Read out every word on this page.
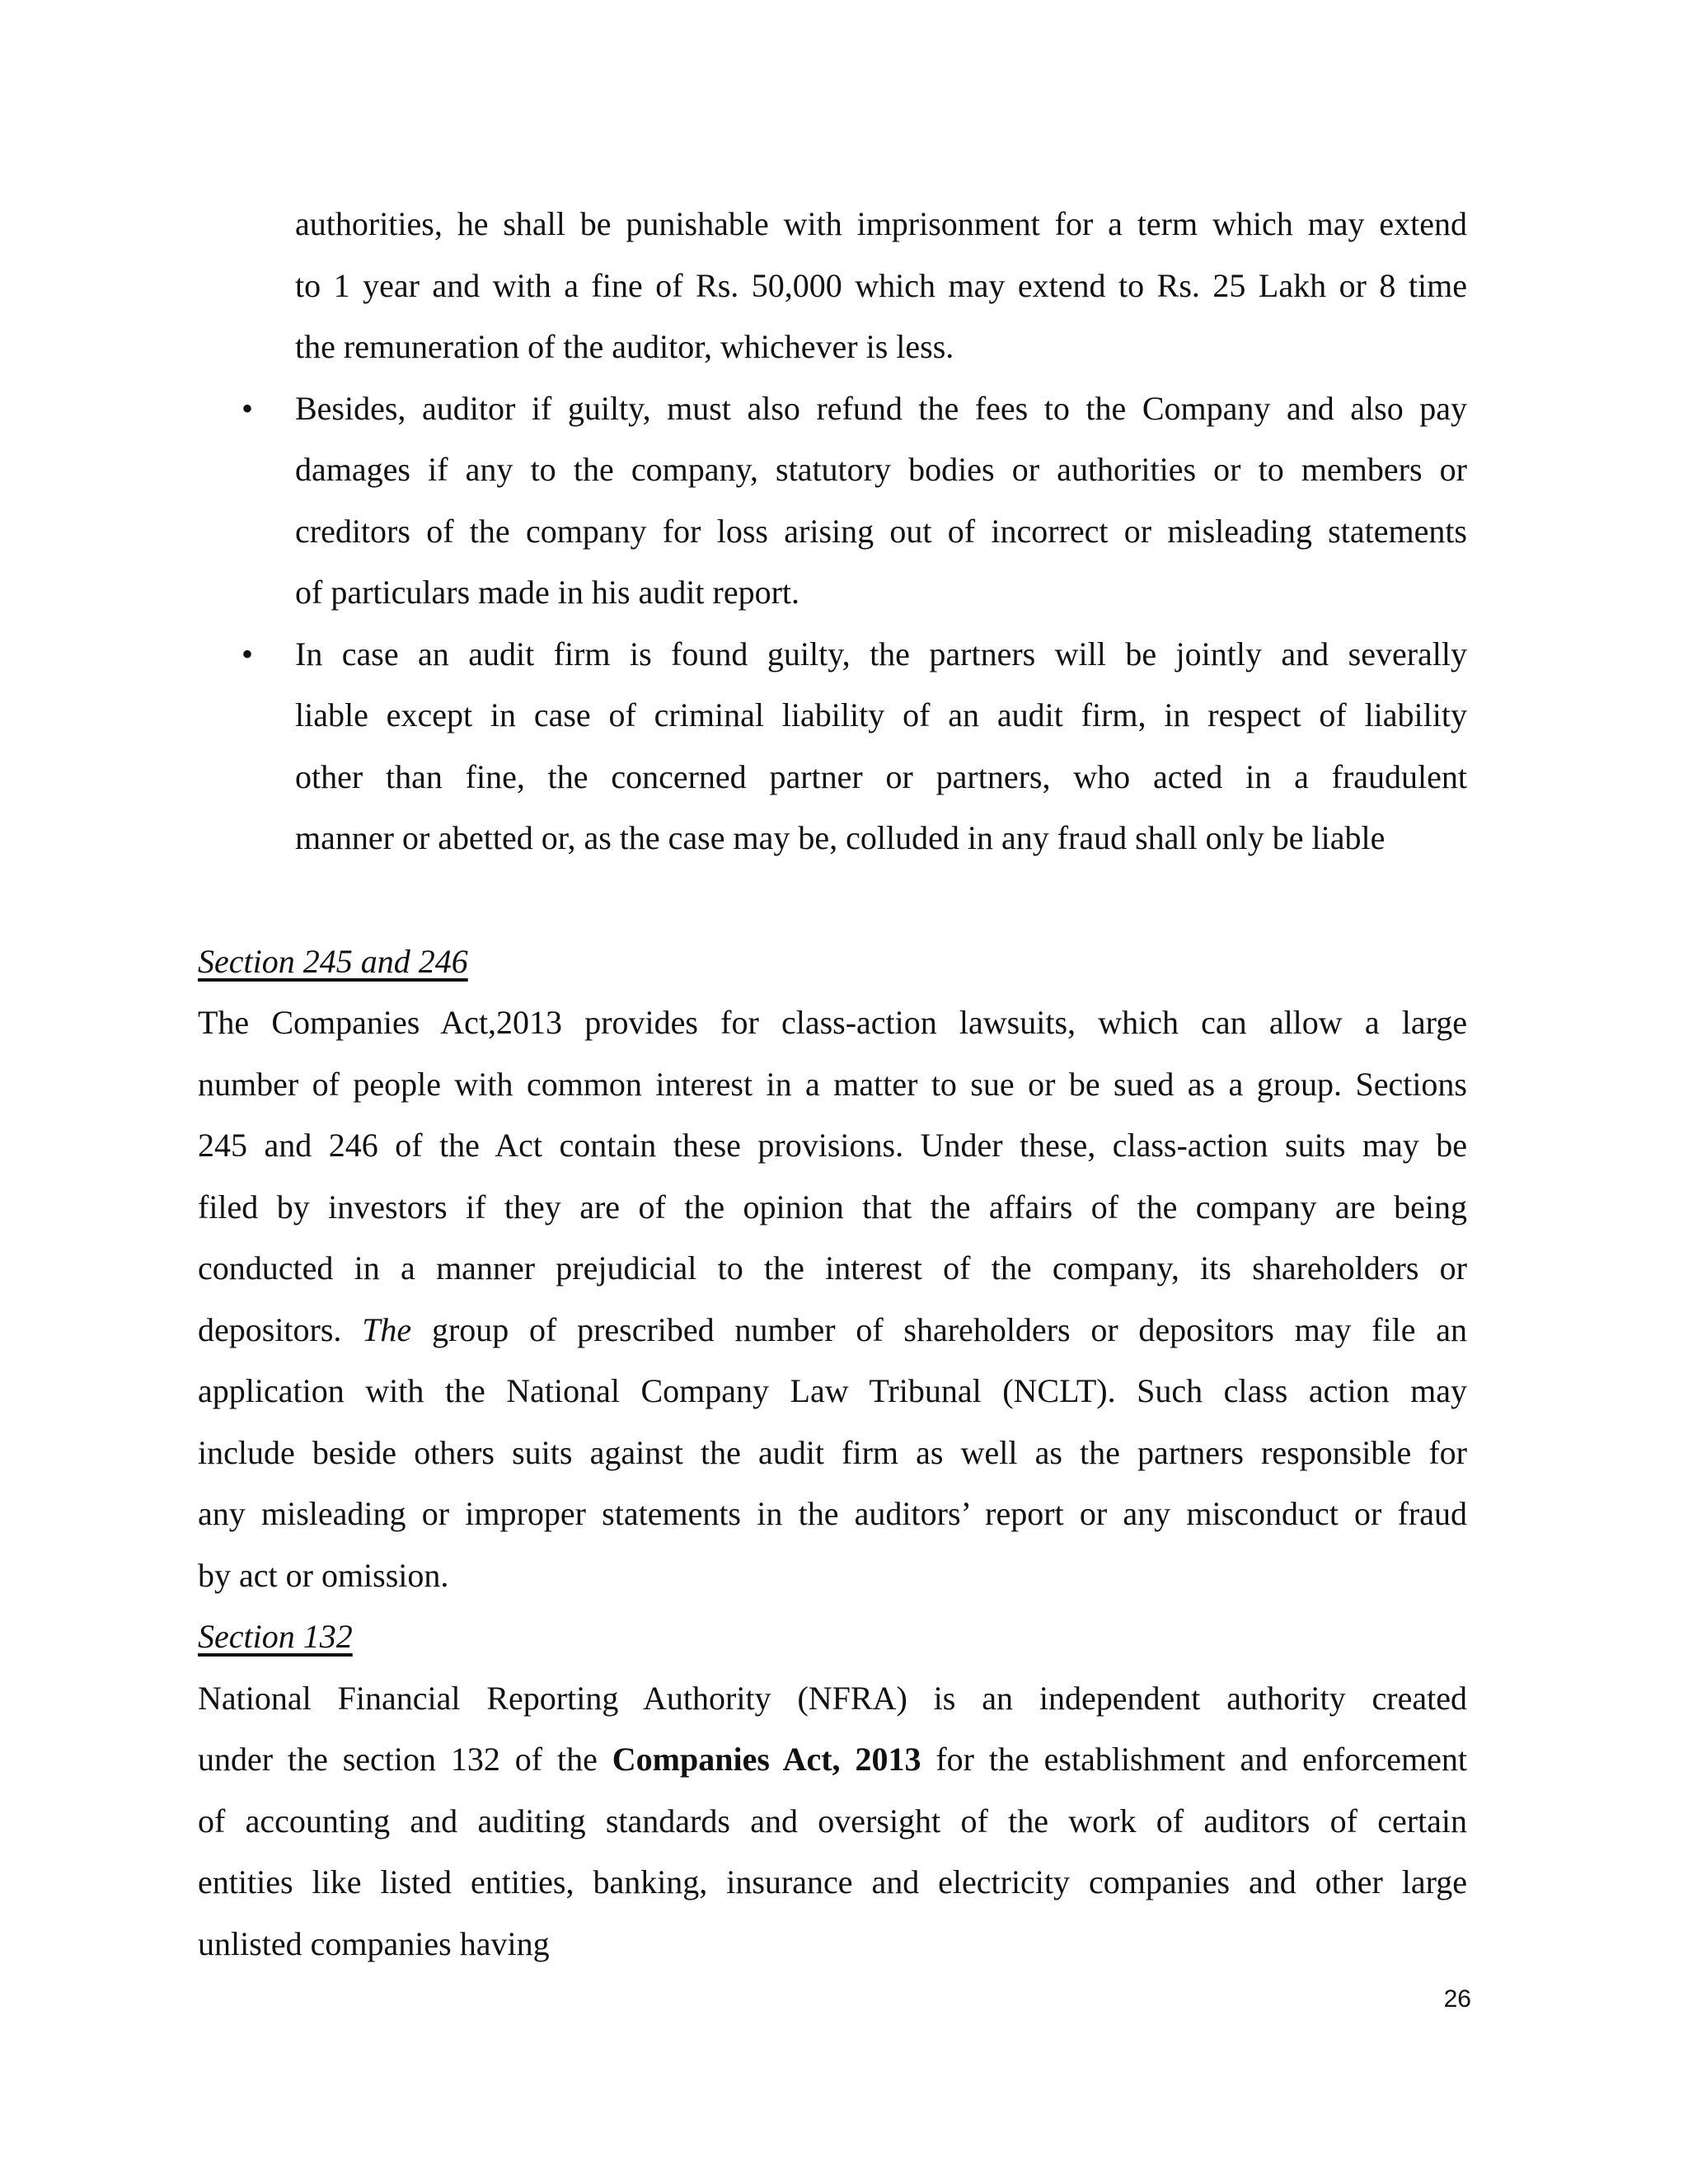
authorities, he shall be punishable with imprisonment for a term which may extend
to 1 year and with a fine of Rs. 50,000 which may extend to Rs. 25 Lakh or 8 time
the remuneration of the auditor, whichever is less.
• Besides, auditor if guilty, must also refund the fees to the Company and also pay
damages if any to the company, statutory bodies or authorities or to members or
creditors of the company for loss arising out of incorrect or misleading statements
of particulars made in his audit report.
• In case an audit firm is found guilty, the partners will be jointly and severally
liable except in case of criminal liability of an audit firm, in respect of liability
other than fine, the concerned partner or partners, who acted in a fraudulent
manner or abetted or, as the case may be, colluded in any fraud shall only be liable
Section 245 and 246
The Companies Act,2013 provides for class-action lawsuits, which can allow a large
number of people with common interest in a matter to sue or be sued as a group. Sections
245 and 246 of the Act contain these provisions. Under these, class-action suits may be
filed by investors if they are of the opinion that the affairs of the company are being
conducted in a manner prejudicial to the interest of the company, its shareholders or
depositors. The group of prescribed number of shareholders or depositors may file an
application with the National Company Law Tribunal (NCLT). Such class action may
include beside others suits against the audit firm as well as the partners responsible for
any misleading or improper statements in the auditors’ report or any misconduct or fraud
by act or omission.
Section 132
National Financial Reporting Authority (NFRA) is an independent authority created
under the section 132 of the Companies Act, 2013 for the establishment and enforcement
of accounting and auditing standards and oversight of the work of auditors of certain
entities like listed entities, banking, insurance and electricity companies and other large
unlisted companies having
26
